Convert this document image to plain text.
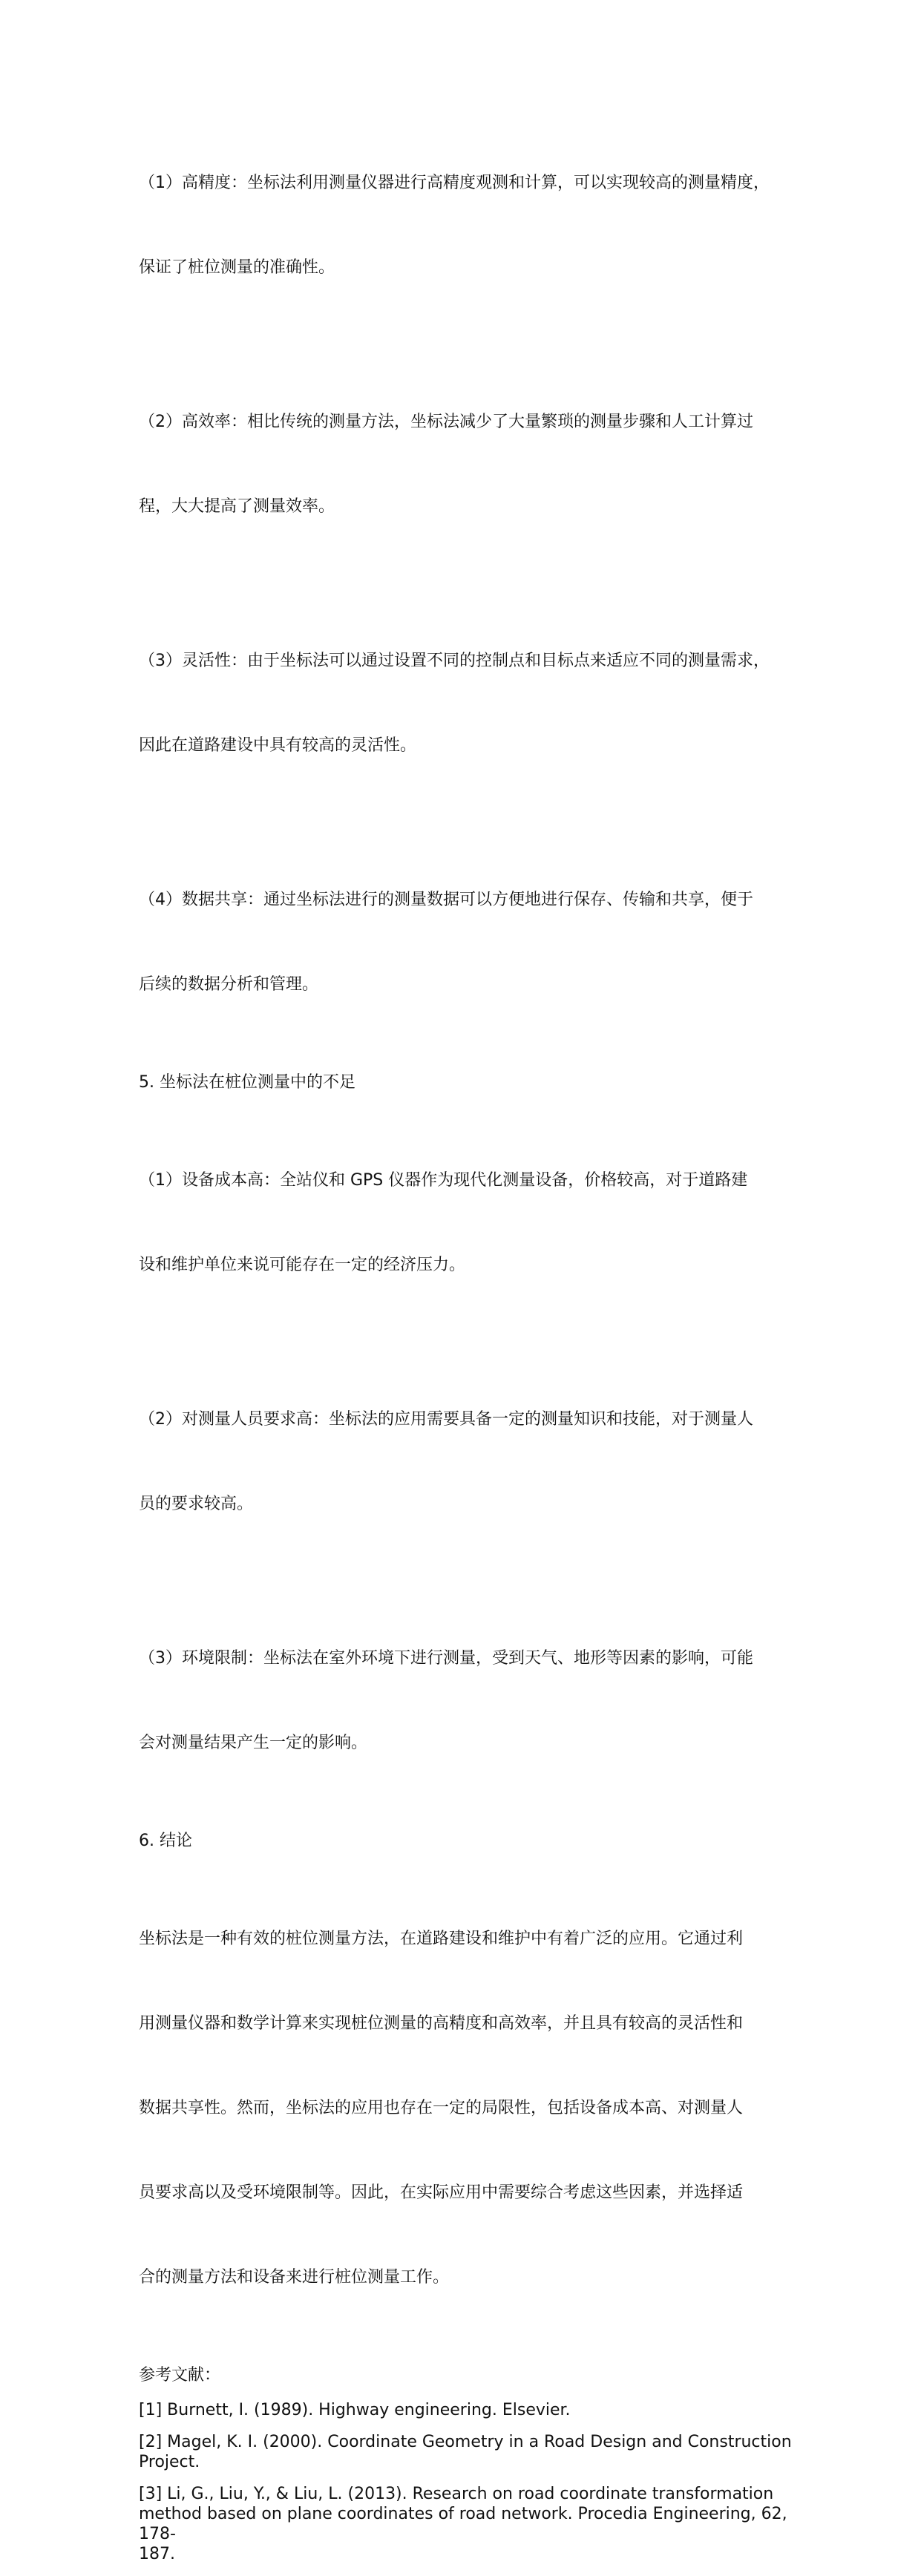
（1）高精度：坐标法利用测量仪器进行高精度观测和计算，可以实现较高的测量精度，

保证了桩位测量的准确性。

（2）高效率：相比传统的测量方法，坐标法减少了大量繁琐的测量步骤和人工计算过

程，大大提高了测量效率。

（3）灵活性：由于坐标法可以通过设置不同的控制点和目标点来适应不同的测量需求，

因此在道路建设中具有较高的灵活性。

（4）数据共享：通过坐标法进行的测量数据可以方便地进行保存、传输和共享，便于

后续的数据分析和管理。

5. 坐标法在桩位测量中的不足

（1）设备成本高：全站仪和 GPS 仪器作为现代化测量设备，价格较高，对于道路建

设和维护单位来说可能存在一定的经济压力。

（2）对测量人员要求高：坐标法的应用需要具备一定的测量知识和技能，对于测量人

员的要求较高。

（3）环境限制：坐标法在室外环境下进行测量，受到天气、地形等因素的影响，可能

会对测量结果产生一定的影响。

6. 结论

坐标法是一种有效的桩位测量方法，在道路建设和维护中有着广泛的应用。它通过利

用测量仪器和数学计算来实现桩位测量的高精度和高效率，并且具有较高的灵活性和

数据共享性。然而，坐标法的应用也存在一定的局限性，包括设备成本高、对测量人

员要求高以及受环境限制等。因此，在实际应用中需要综合考虑这些因素，并选择适

合的测量方法和设备来进行桩位测量工作。

参考文献：
[1] Burnett, I. (1989). Highway engineering. Elsevier.
[2] Magel, K. I. (2000). Coordinate Geometry in a Road Design and Construction
Project.
[3] Li, G., Liu, Y., & Liu, L. (2013). Research on road coordinate transformation
method based on plane coordinates of road network. Procedia Engineering, 62, 178-
187.
